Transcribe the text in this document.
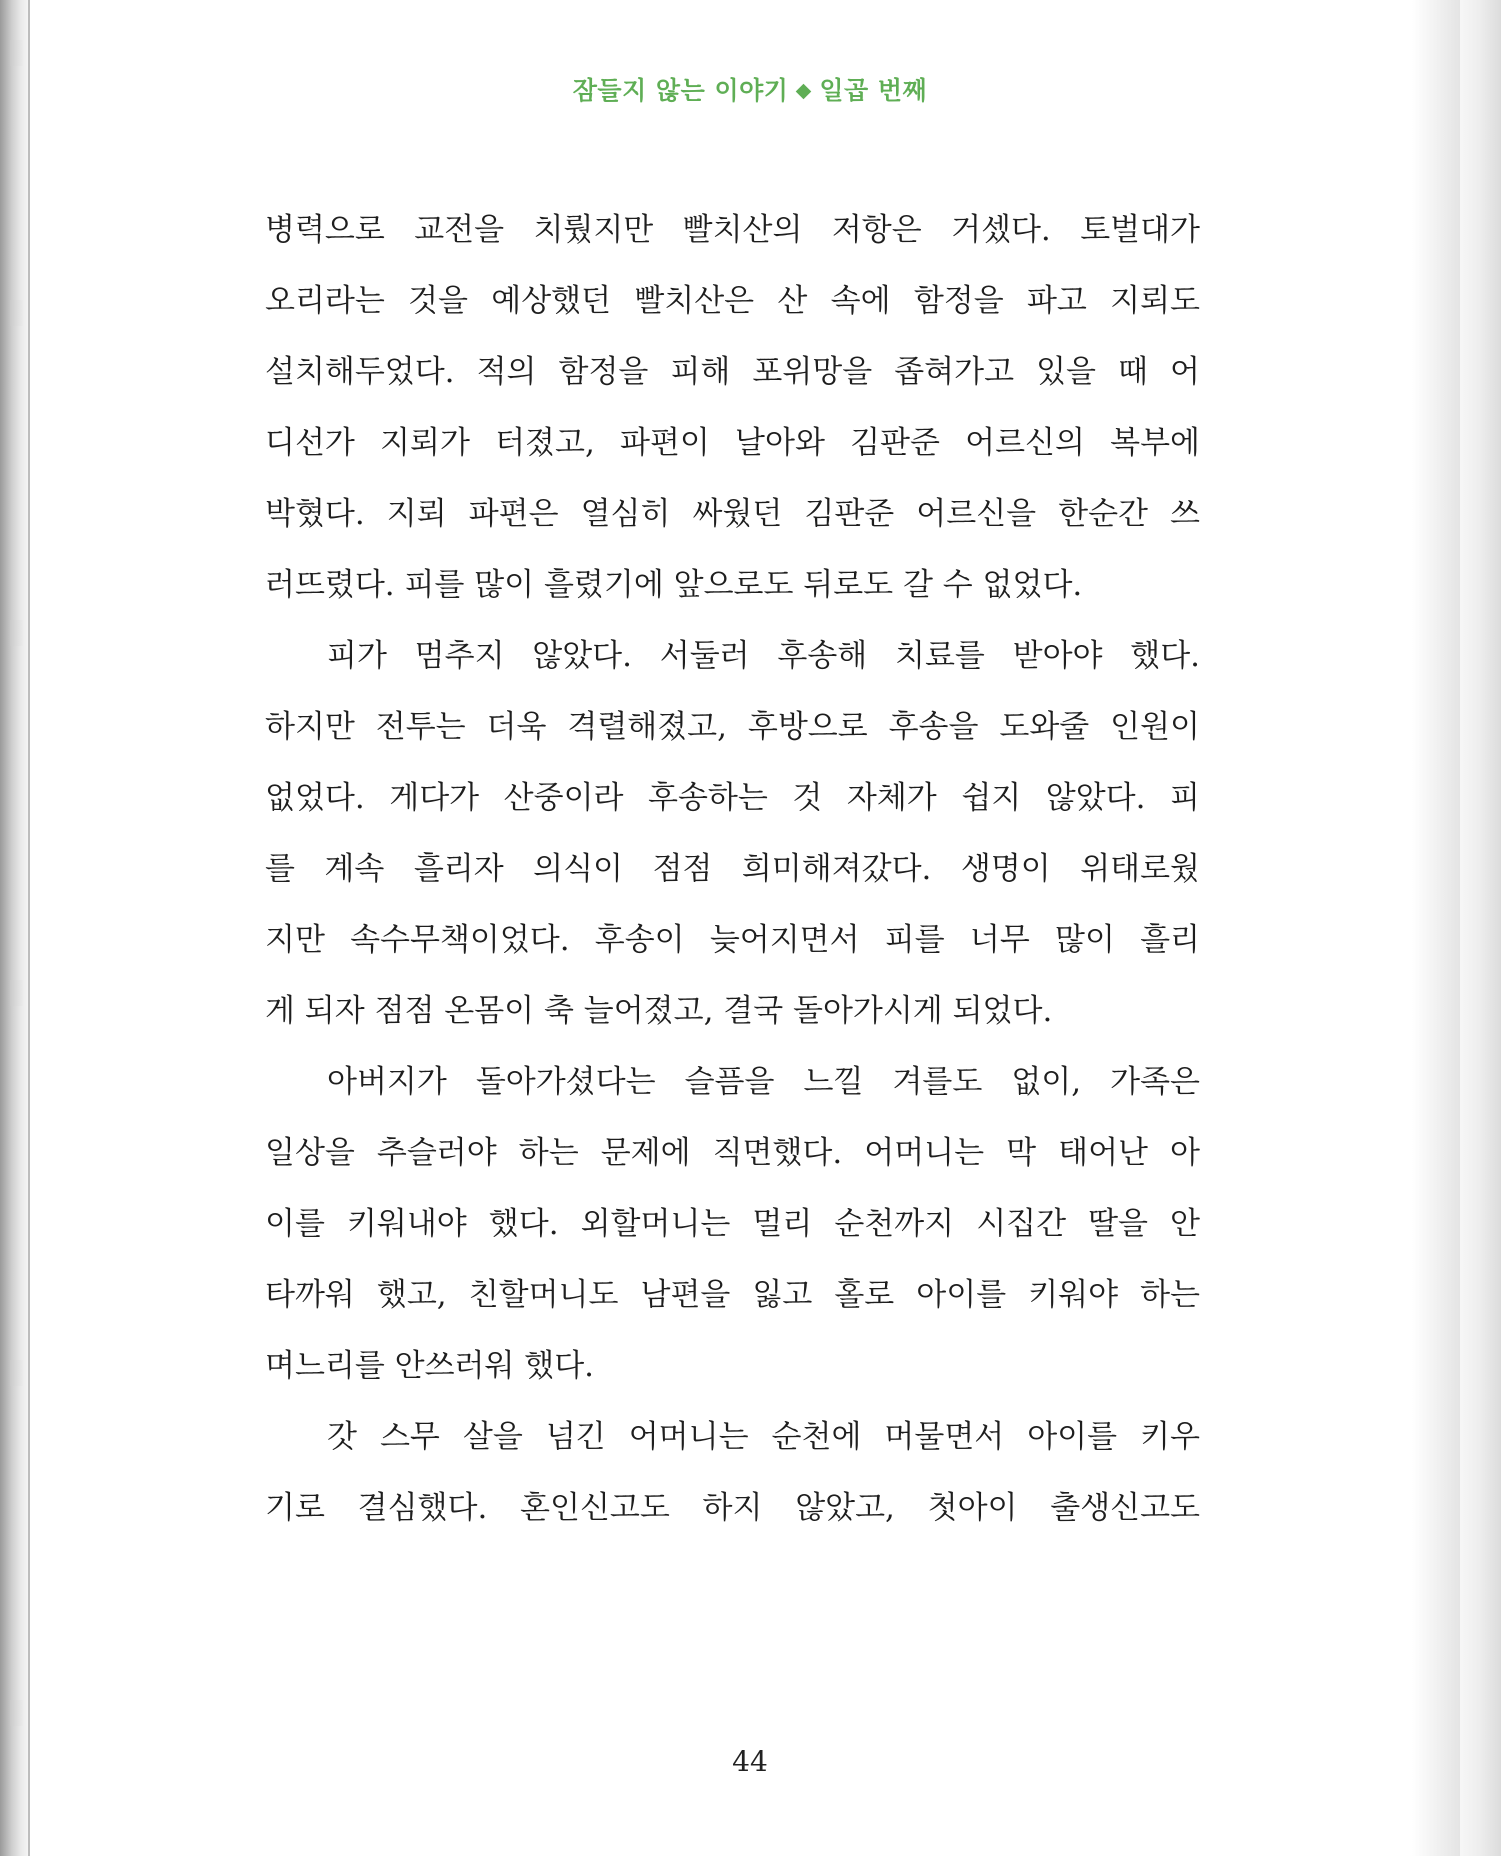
잠들지 않는 이야기 일곱 번째
병력으로 교전을 치뤘지만 빨치산의 저항은 거셌다. 토벌대가
오리라는 것을 예상했던 빨치산은 산 속에 함정을 파고 지뢰도
설치해두었다. 적의 함정을 피해 포위망을 좁혀가고 있을 때 어
디선가 지뢰가 터졌고, 파편이 날아와 김판준 어르신의 복부에
박혔다. 지뢰 파편은 열심히 싸웠던 김판준 어르신을 한순간 쓰
러뜨렸다. 피를 많이 흘렸기에 앞으로도 뒤로도 갈 수 없었다.
피가 멈추지 않았다. 서둘러 후송해 치료를 받아야 했다.
하지만 전투는 더욱 격렬해졌고, 후방으로 후송을 도와줄 인원이
없었다. 게다가 산중이라 후송하는 것 자체가 쉽지 않았다. 피
를 계속 흘리자 의식이 점점 희미해져갔다. 생명이 위태로웠
지만 속수무책이었다. 후송이 늦어지면서 피를 너무 많이 흘리
게 되자 점점 온몸이 축 늘어졌고, 결국 돌아가시게 되었다.
아버지가 돌아가셨다는 슬픔을 느낄 겨를도 없이, 가족은
일상을 추슬러야 하는 문제에 직면했다. 어머니는 막 태어난 아
이를 키워내야 했다. 외할머니는 멀리 순천까지 시집간 딸을 안
타까워 했고, 친할머니도 남편을 잃고 홀로 아이를 키워야 하는
며느리를 안쓰러워 했다.
갓 스무 살을 넘긴 어머니는 순천에 머물면서 아이를 키우
기로 결심했다. 혼인신고도 하지 않았고, 첫아이 출생신고도
44
